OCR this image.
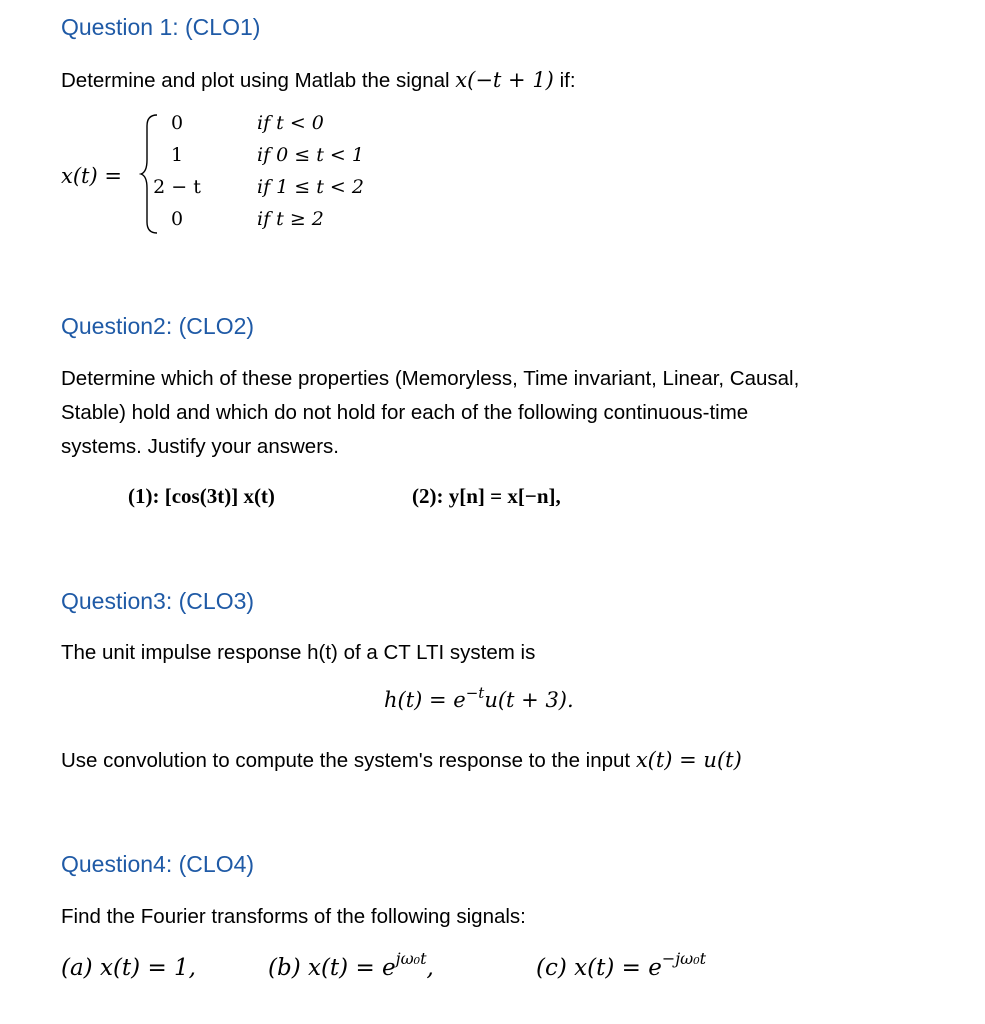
Question 1: (CLO1)
Determine and plot using Matlab the signal x(−t + 1) if:
x(t) =
0	if t < 0
1	if 0 ≤ t < 1
2 − t	if 1 ≤ t < 2
0	if t ≥ 2
Question2: (CLO2)
Determine which of these properties (Memoryless, Time invariant, Linear, Causal,
Stable) hold and which do not hold for each of the following continuous-time
systems. Justify your answers.
(1): [cos(3t)] x(t)	(2): y[n] = x[−n],
Question3: (CLO3)
The unit impulse response h(t) of a CT LTI system is
$h(t) = e^{-t}u(t + 3)$.
Use convolution to compute the system's response to the input x(t) = u(t)
Question4: (CLO4)
Find the Fourier transforms of the following signals:
(a) x(t) = 1,	(b) $x(t) = e^{j\omega_0t}$,	(c) $x(t) = e^{-j\omega_0t}$
